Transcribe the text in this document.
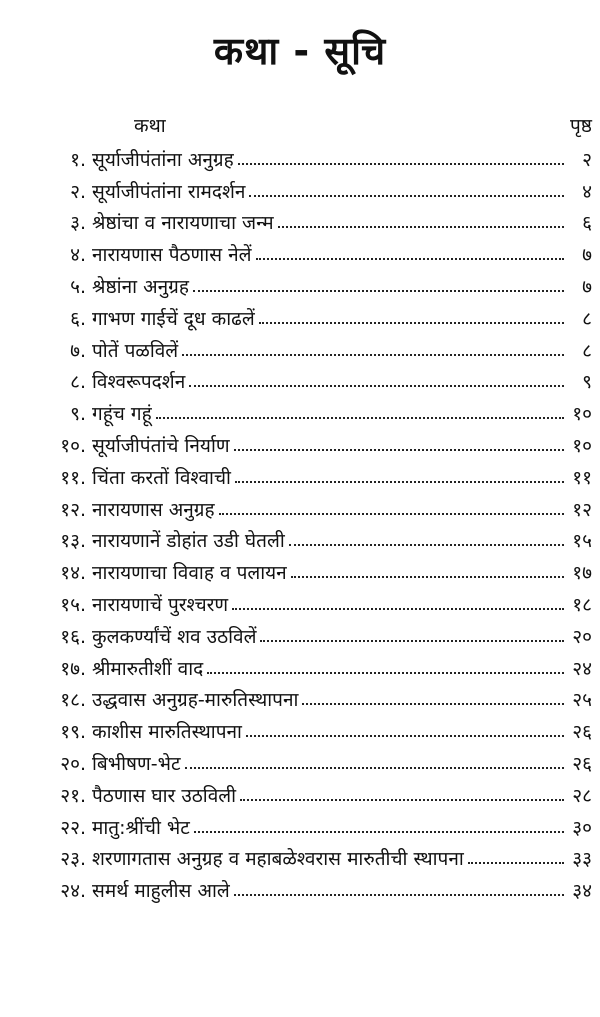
कथा - सूचि
कथा	पृष्ठ
१. सूर्याजीपंतांना अनुग्रह	२
२. सूर्याजीपंतांना रामदर्शन	४
३. श्रेष्ठांचा व नारायणाचा जन्म	६
४. नारायणास पैठणास नेलें	७
५. श्रेष्ठांना अनुग्रह	७
६. गाभण गाईचें दूध काढलें	८
७. पोतें पळविलें	८
८. विश्वरूपदर्शन	९
९. गहूंच गहूं	१०
१०. सूर्याजीपंतांचे निर्याण	१०
११. चिंता करतों विश्वाची	११
१२. नारायणास अनुग्रह	१२
१३. नारायणानें डोहांत उडी घेतली	१५
१४. नारायणाचा विवाह व पलायन	१७
१५. नारायणाचें पुरश्चरण	१८
१६. कुलकर्ण्यांचें शव उठविलें	२०
१७. श्रीमारुतीशीं वाद	२४
१८. उद्धवास अनुग्रह-मारुतिस्थापना	२५
१९. काशीस मारुतिस्थापना	२६
२०. बिभीषण-भेट	२६
२१. पैठणास घार उठविली	२८
२२. मातु:श्रींची भेट	३०
२३. शरणागतास अनुग्रह व महाबळेश्वरास मारुतीची स्थापना	३३
२४. समर्थ माहुलीस आले	३४
